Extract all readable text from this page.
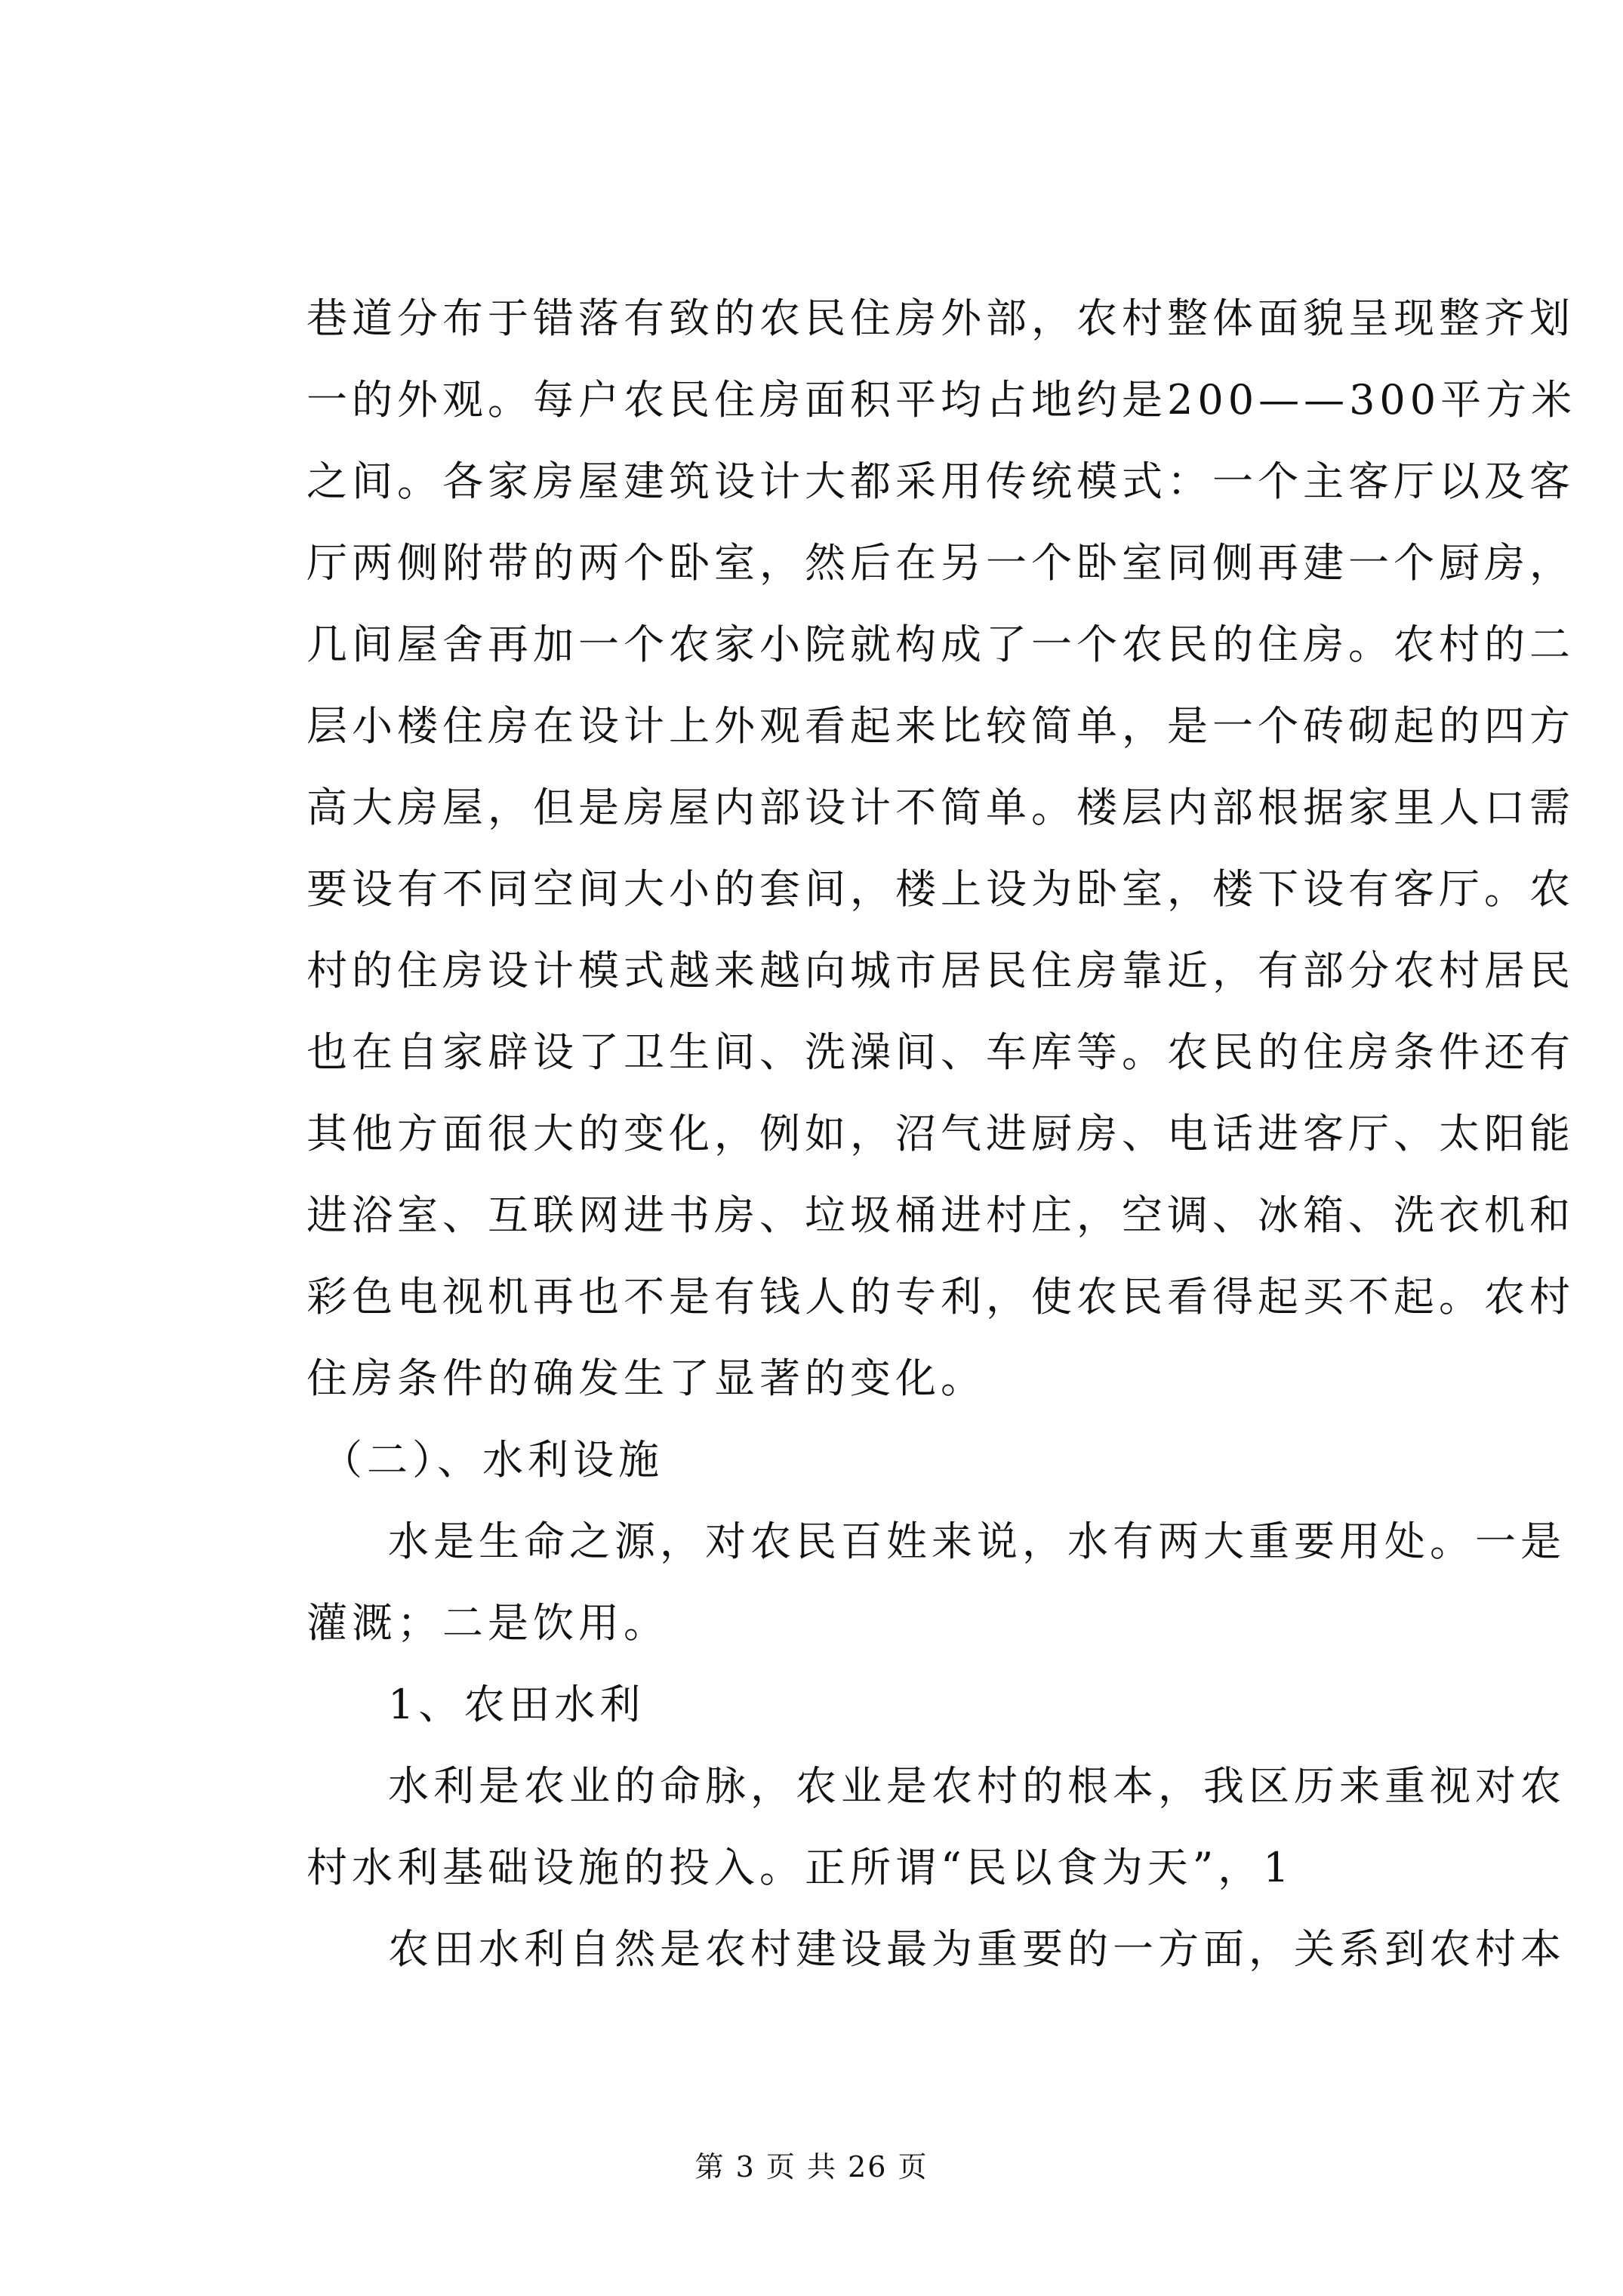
巷道分布于错落有致的农民住房外部，农村整体面貌呈现整齐划
一的外观。每户农民住房面积平均占地约是200——300平方米
之间。各家房屋建筑设计大都采用传统模式：一个主客厅以及客
厅两侧附带的两个卧室，然后在另一个卧室同侧再建一个厨房，
几间屋舍再加一个农家小院就构成了一个农民的住房。农村的二
层小楼住房在设计上外观看起来比较简单，是一个砖砌起的四方
高大房屋，但是房屋内部设计不简单。楼层内部根据家里人口需
要设有不同空间大小的套间，楼上设为卧室，楼下设有客厅。农
村的住房设计模式越来越向城市居民住房靠近，有部分农村居民
也在自家辟设了卫生间、洗澡间、车库等。农民的住房条件还有
其他方面很大的变化，例如，沼气进厨房、电话进客厅、太阳能
进浴室、互联网进书房、垃圾桶进村庄，空调、冰箱、洗衣机和
彩色电视机再也不是有钱人的专利，使农民看得起买不起。农村
住房条件的确发生了显著的变化。
（二）、水利设施
水是生命之源，对农民百姓来说，水有两大重要用处。一是
灌溉；二是饮用。
1、农田水利
水利是农业的命脉，农业是农村的根本，我区历来重视对农
村水利基础设施的投入。正所谓“民以食为天”，1
农田水利自然是农村建设最为重要的一方面，关系到农村本
第 3 页 共 26 页
